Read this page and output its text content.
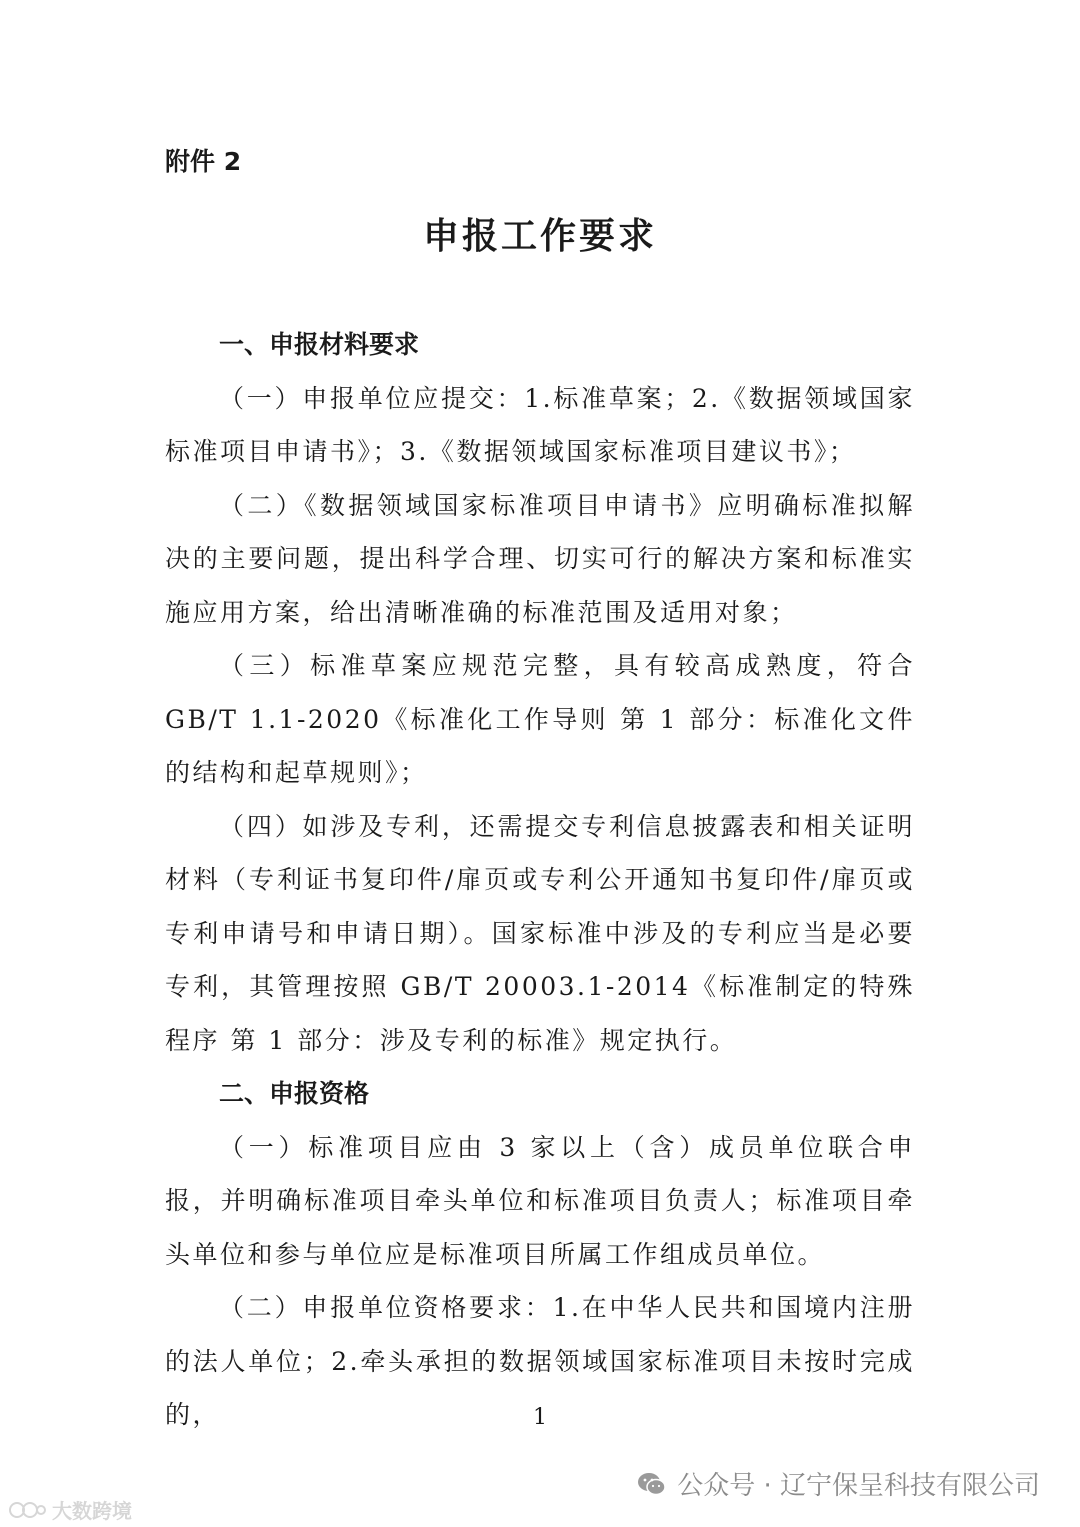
附件 2
申报工作要求

一、申报材料要求

（一）申报单位应提交：1.标准草案；2.《数据领域国家标准项目申请书》；3.《数据领域国家标准项目建议书》；

（二）《数据领域国家标准项目申请书》应明确标准拟解决的主要问题，提出科学合理、切实可行的解决方案和标准实施应用方案，给出清晰准确的标准范围及适用对象；

（三）标准草案应规范完整，具有较高成熟度，符合 GB/T 1.1-2020《标准化工作导则 第 1 部分：标准化文件的结构和起草规则》；

（四）如涉及专利，还需提交专利信息披露表和相关证明材料（专利证书复印件/扉页或专利公开通知书复印件/扉页或专利申请号和申请日期）。国家标准中涉及的专利应当是必要专利，其管理按照 GB/T 20003.1-2014《标准制定的特殊程序 第 1 部分：涉及专利的标准》规定执行。

二、申报资格

（一）标准项目应由 3 家以上（含）成员单位联合申报，并明确标准项目牵头单位和标准项目负责人；标准项目牵头单位和参与单位应是标准项目所属工作组成员单位。

（二）申报单位资格要求：1.在中华人民共和国境内注册的法人单位；2.牵头承担的数据领域国家标准项目未按时完成的，	1
公众号 · 辽宁保呈科技有限公司
大数跨境
